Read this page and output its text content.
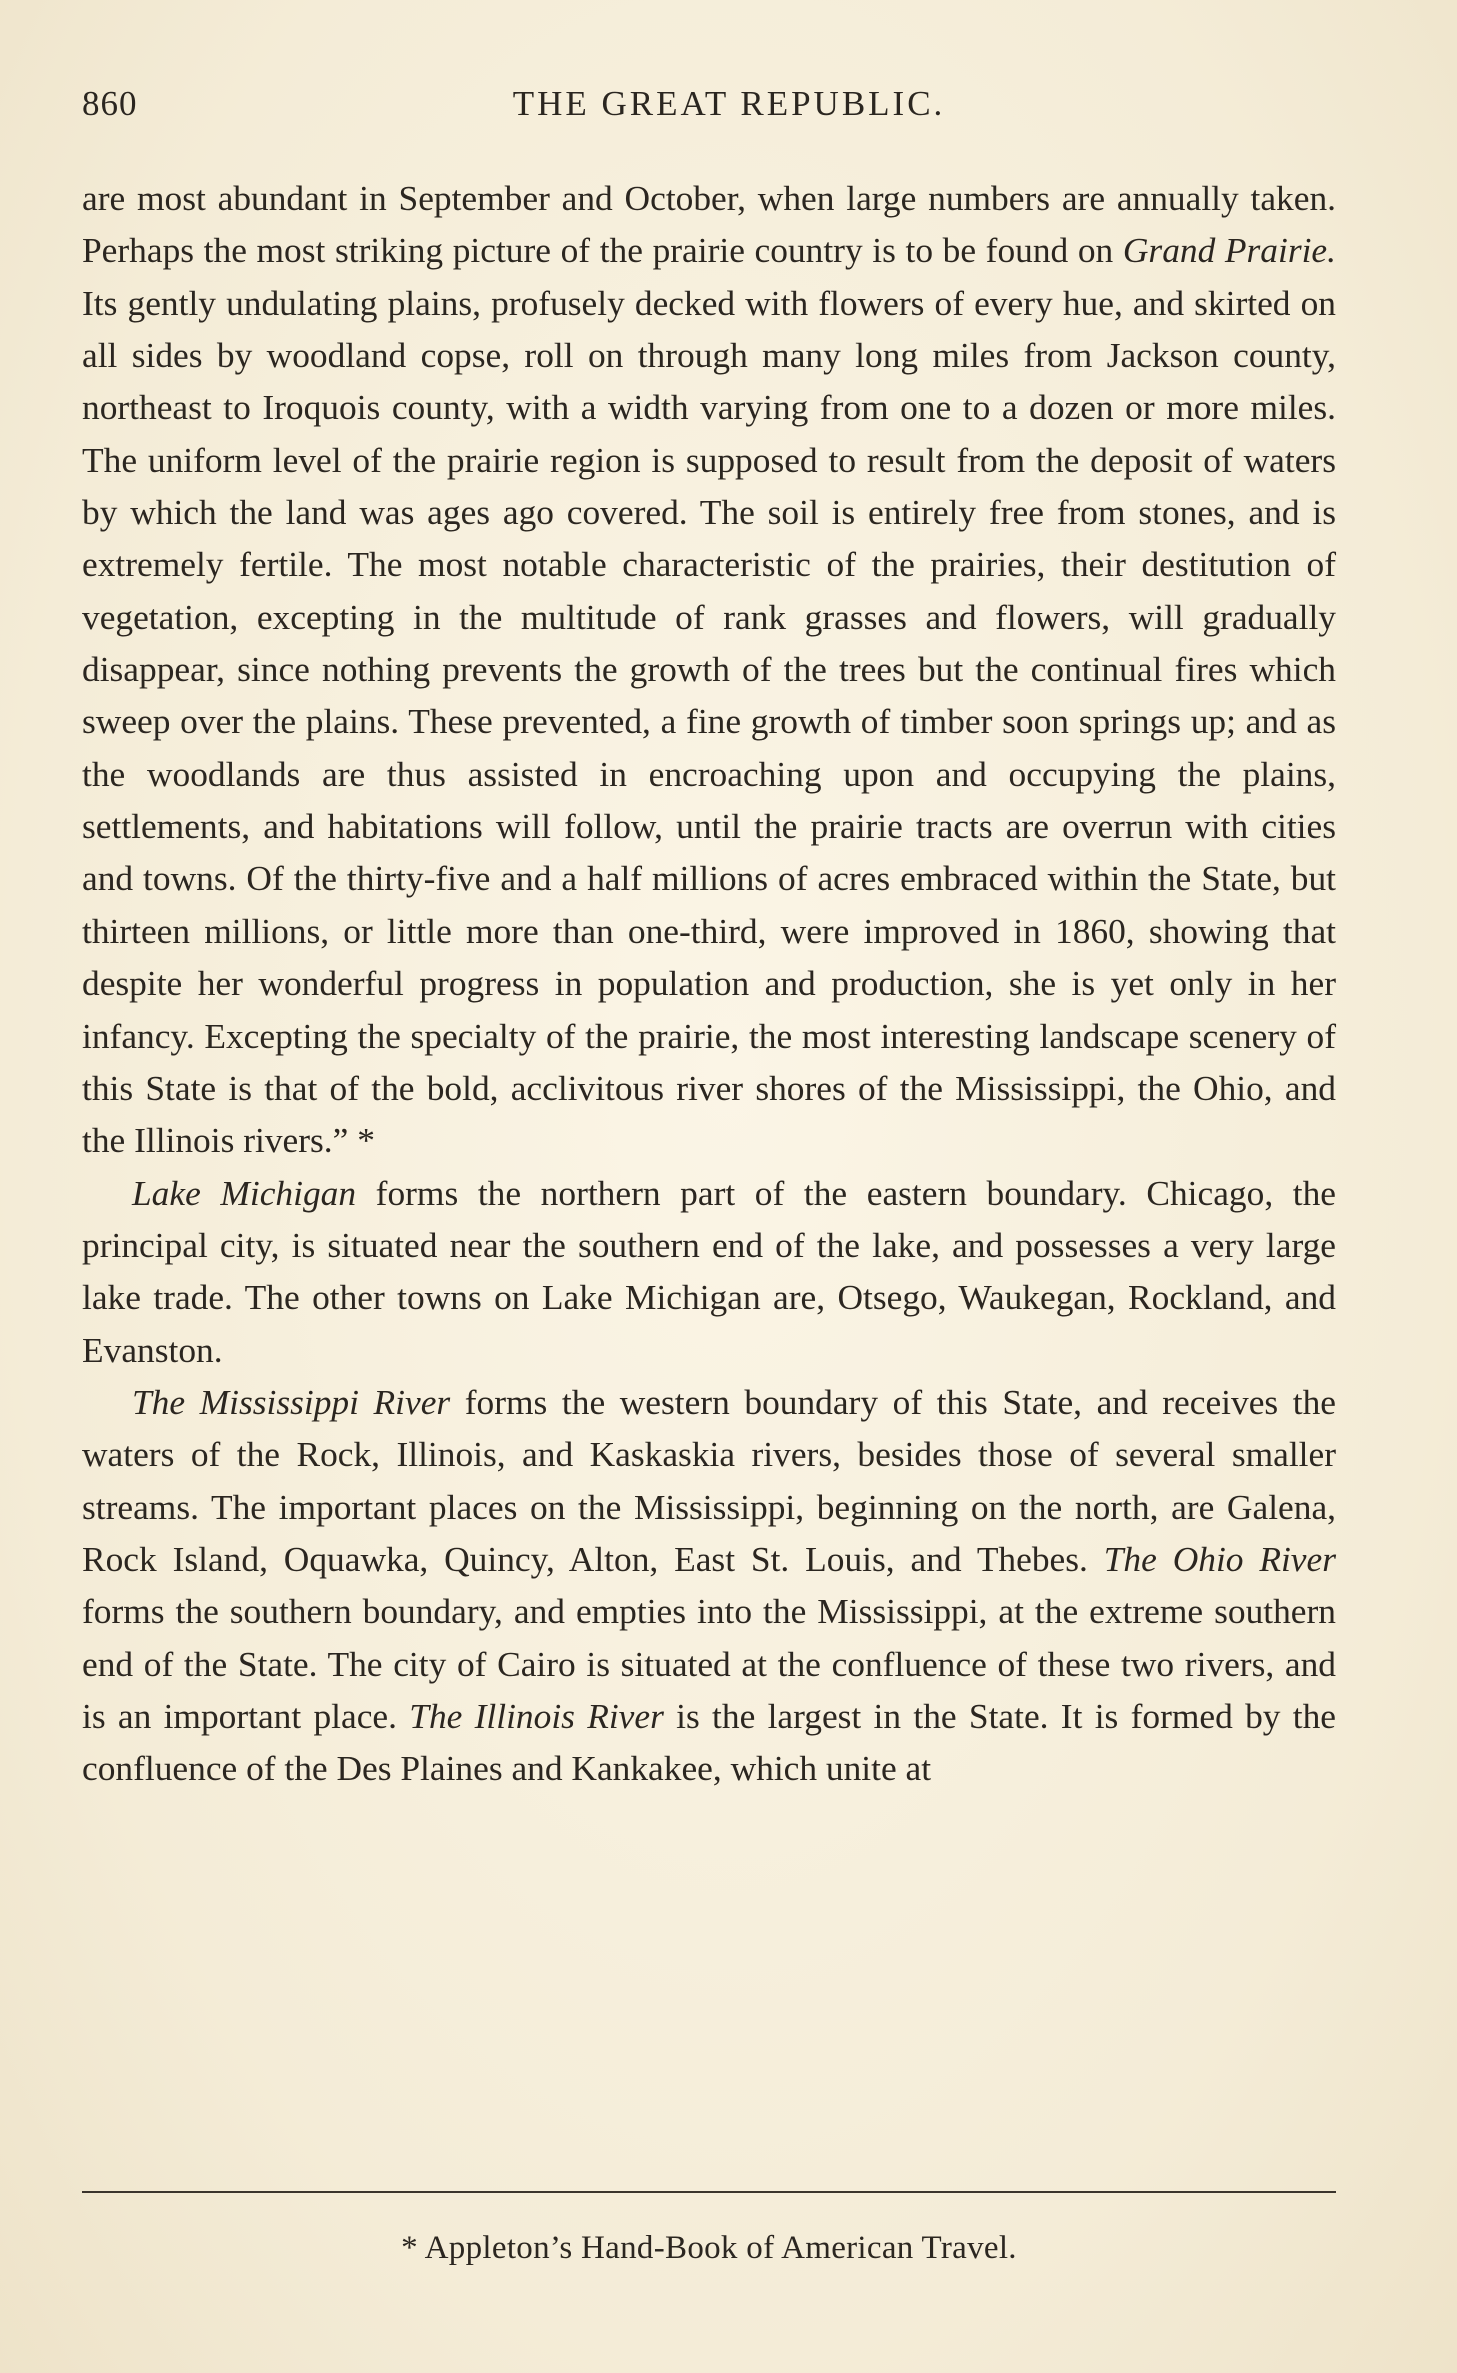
860	THE GREAT REPUBLIC.

are most abundant in September and October, when large numbers are annually taken. Perhaps the most striking picture of the prairie country is to be found on Grand Prairie. Its gently undulating plains, profusely decked with flowers of every hue, and skirted on all sides by woodland copse, roll on through many long miles from Jackson county, northeast to Iroquois county, with a width varying from one to a dozen or more miles. The uniform level of the prairie region is supposed to result from the deposit of waters by which the land was ages ago covered. The soil is entirely free from stones, and is extremely fertile. The most notable characteristic of the prairies, their destitution of vegetation, excepting in the multitude of rank grasses and flowers, will gradually disappear, since nothing prevents the growth of the trees but the continual fires which sweep over the plains. These prevented, a fine growth of timber soon springs up; and as the woodlands are thus assisted in encroaching upon and occupying the plains, settlements, and habitations will follow, until the prairie tracts are overrun with cities and towns. Of the thirty-five and a half millions of acres embraced within the State, but thirteen millions, or little more than one-third, were improved in 1860, showing that despite her wonderful progress in population and production, she is yet only in her infancy. Excepting the specialty of the prairie, the most interesting landscape scenery of this State is that of the bold, acclivitous river shores of the Mississippi, the Ohio, and the Illinois rivers.” *

Lake Michigan forms the northern part of the eastern boundary. Chicago, the principal city, is situated near the southern end of the lake, and possesses a very large lake trade. The other towns on Lake Michigan are, Otsego, Waukegan, Rockland, and Evanston.

The Mississippi River forms the western boundary of this State, and receives the waters of the Rock, Illinois, and Kaskaskia rivers, besides those of several smaller streams. The important places on the Mississippi, beginning on the north, are Galena, Rock Island, Oquawka, Quincy, Alton, East St. Louis, and Thebes. The Ohio River forms the southern boundary, and empties into the Mississippi, at the extreme southern end of the State. The city of Cairo is situated at the confluence of these two rivers, and is an important place. The Illinois River is the largest in the State. It is formed by the confluence of the Des Plaines and Kankakee, which unite at

* Appleton’s Hand-Book of American Travel.
